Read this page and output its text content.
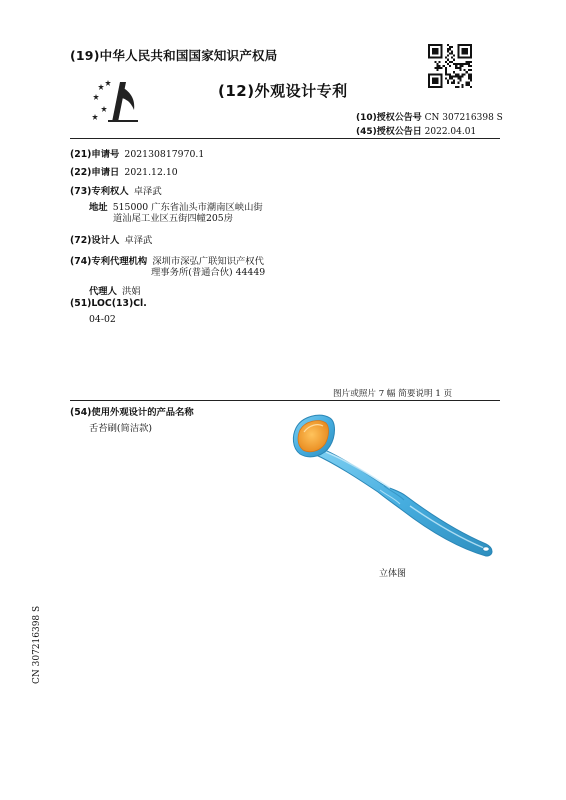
(19)中华人民共和国国家知识产权局
(12)外观设计专利
(10)授权公告号 CN 307216398 S
(45)授权公告日 2022.04.01
(21)申请号 202130817970.1
(22)申请日 2021.12.10
(73)专利权人 卓泽武
地址 515000 广东省汕头市潮南区峡山街
道汕尾工业区五街四幢205房
(72)设计人 卓泽武
(74)专利代理机构 深圳市深弘广联知识产权代
理事务所(普通合伙) 44449
代理人 洪娟
(51)LOC(13)Cl.
04-02
图片或照片 7 幅 简要说明 1 页
(54)使用外观设计的产品名称
舌苔刷(简洁款)
立体图
CN 307216398 S
